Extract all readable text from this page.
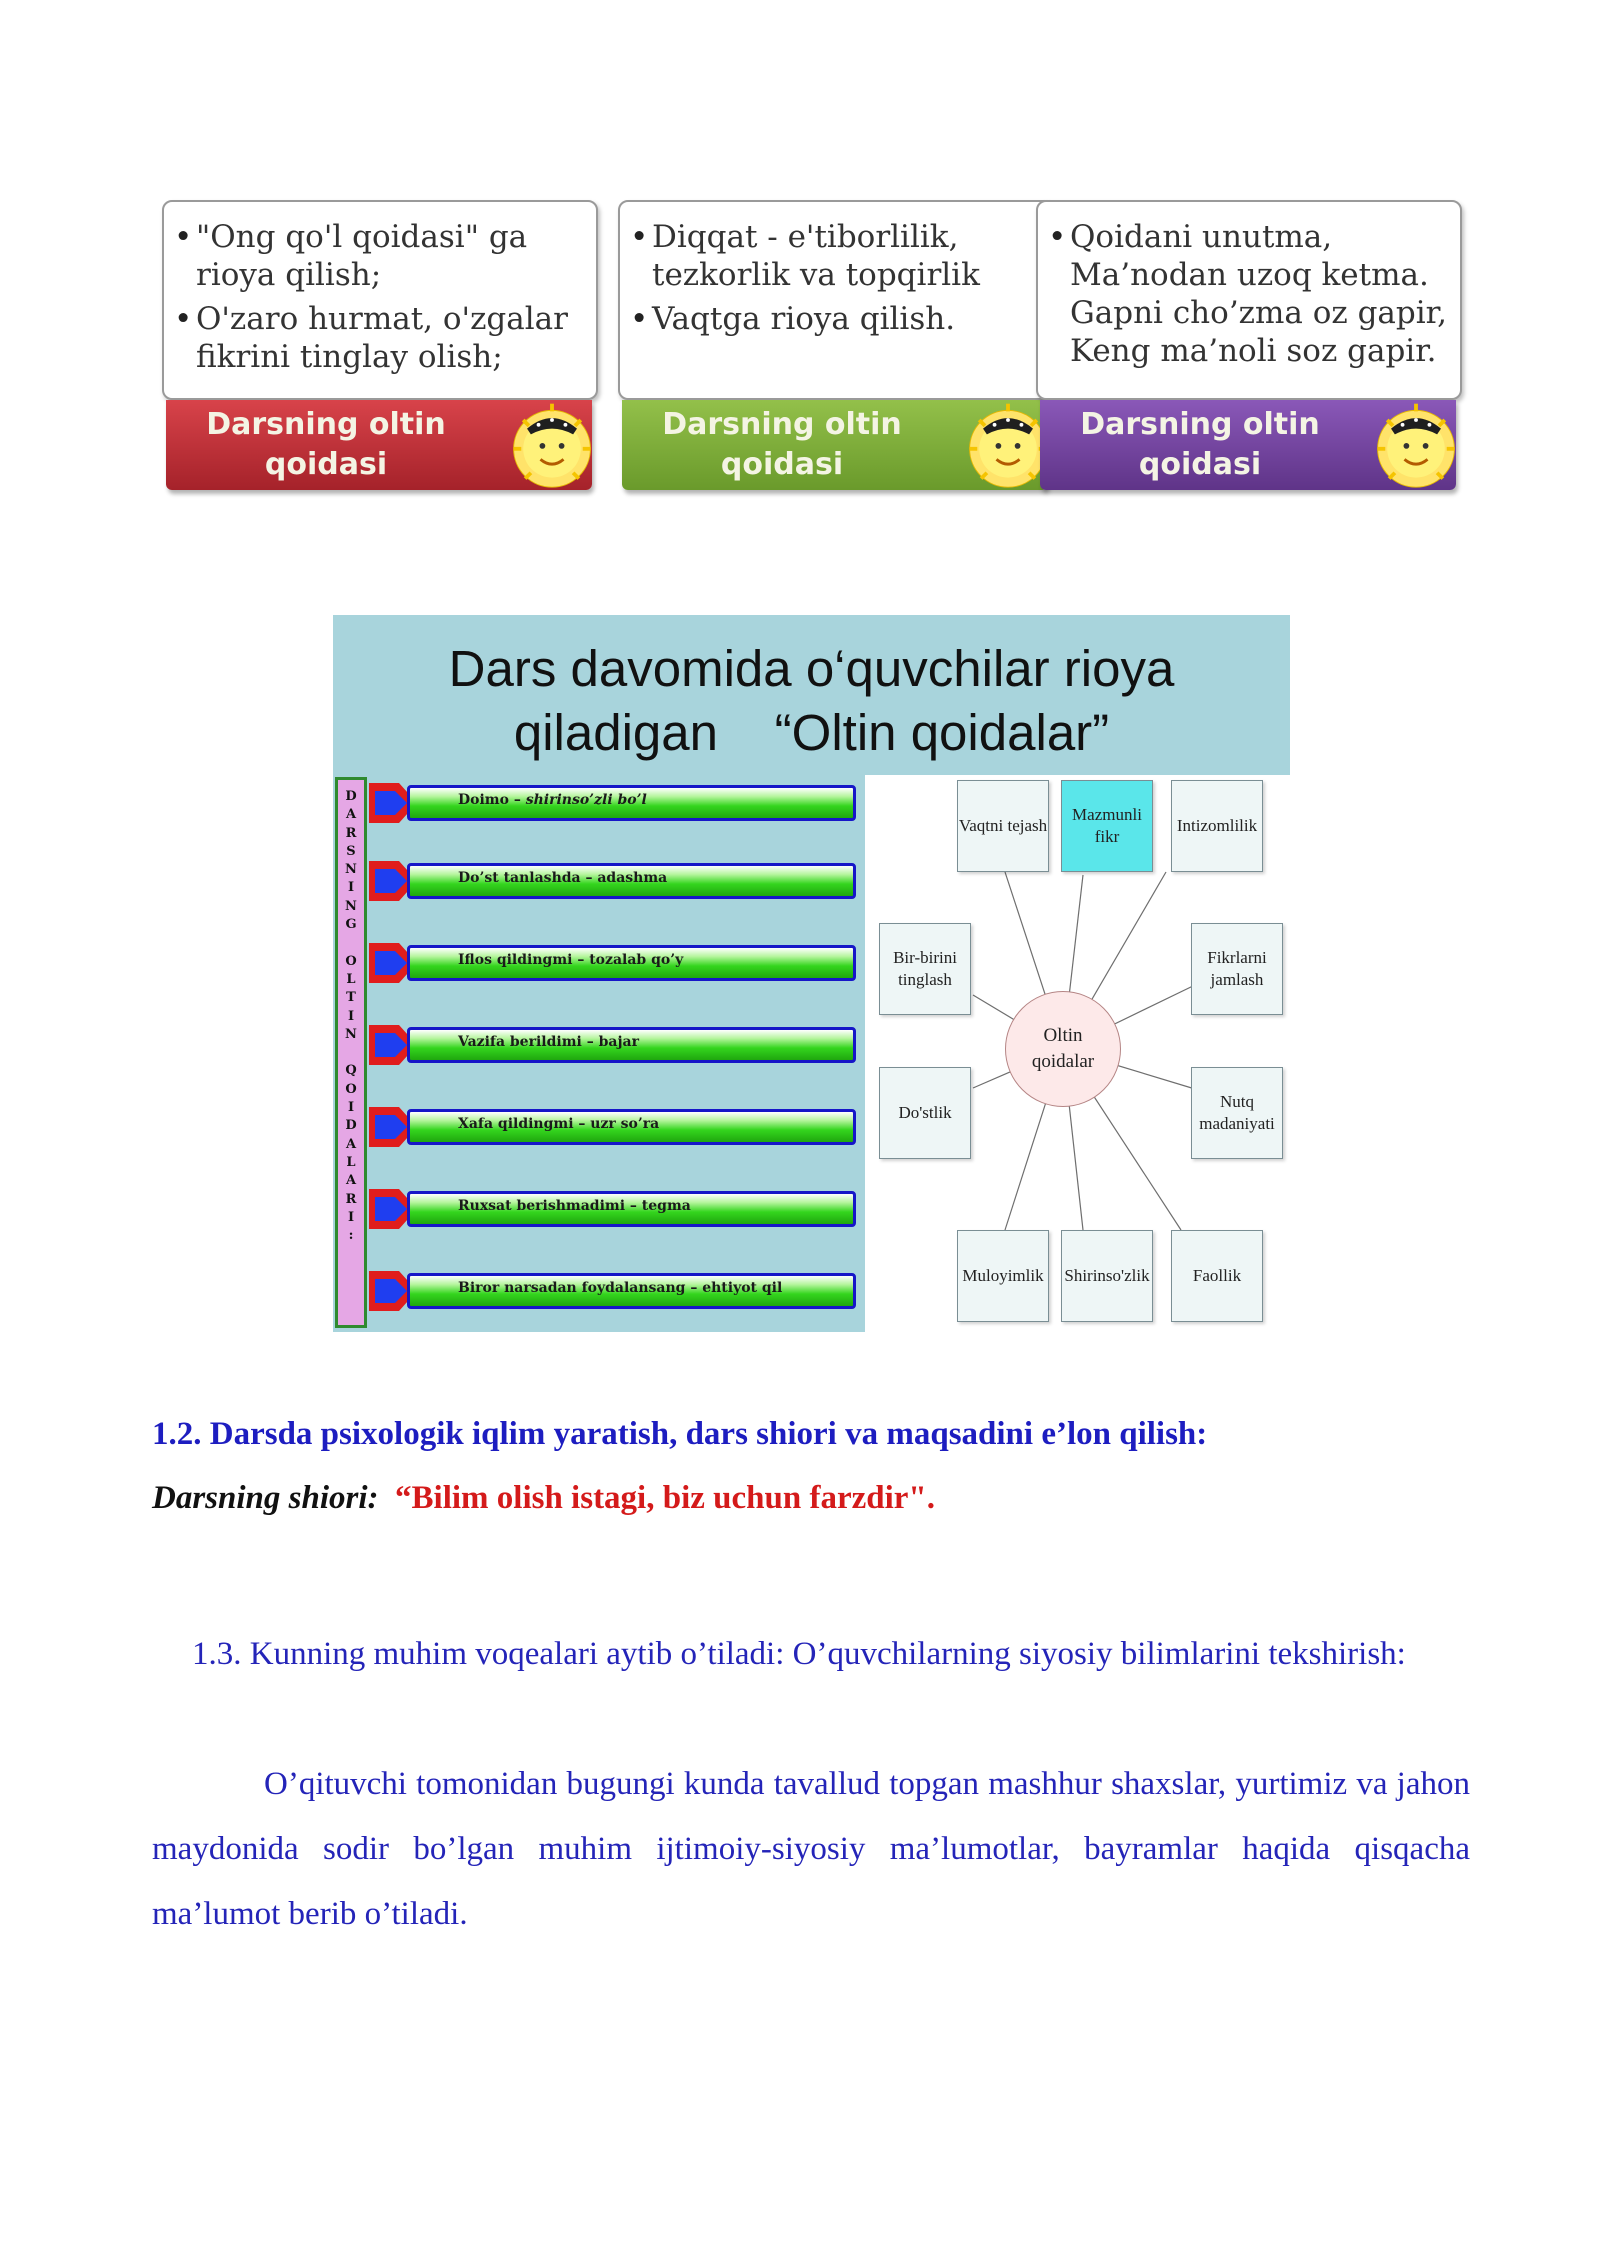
• "Ong qo'l qoidasi" ga rioya qilish;
• O'zaro hurmat, o'zgalar fikrini tinglay olish;
Darsning oltin
qoidasi
• Diqqat - e'tiborlilik, tezkorlik va topqirlik
• Vaqtga rioya qilish.
Darsning oltin
qoidasi
• Qoidani unutma, Ma’nodan uzoq ketma. Gapni cho’zma oz gapir, Keng ma’noli soz gapir.
Darsning oltin
qoidasi
Dars davomida o‘quvchilar rioya
qiladigan    “Oltin qoidalar”
D
A
R
S
N
I
N
G

O
L
T
I
N

Q
O
I
D
A
L
A
R
I
:
Doimo – shirinso’zli bo’l
Do’st tanlashda – adashma
Iflos qildingmi – tozalab qo’y
Vazifa berildimi – bajar
Xafa qildingmi – uzr so’ra
Ruxsat berishmadimi – tegma
Biror narsadan foydalansang – ehtiyot qil
Oltin
qoidalar
Vaqtni tejash
Mazmunli
fikr
Intizomlilik
Bir-birini
tinglash
Fikrlarni
jamlash
Do'stlik
Nutq
madaniyati
Muloyimlik	Shirinso'zlik	Faollik
1.2. Darsda psixologik iqlim yaratish, dars shiori va maqsadini e’lon qilish:
Darsning shiori: “Bilim olish istagi, biz uchun farzdir".
1.3. Kunning muhim voqealari aytib o’tiladi: O’quvchilarning siyosiy bilimlarini tekshirish:
O’qituvchi tomonidan bugungi kunda tavallud topgan mashhur shaxslar, yurtimiz va jahon maydonida sodir bo’lgan muhim ijtimoiy-siyosiy ma’lumotlar, bayramlar haqida qisqacha ma’lumot berib o’tiladi.
